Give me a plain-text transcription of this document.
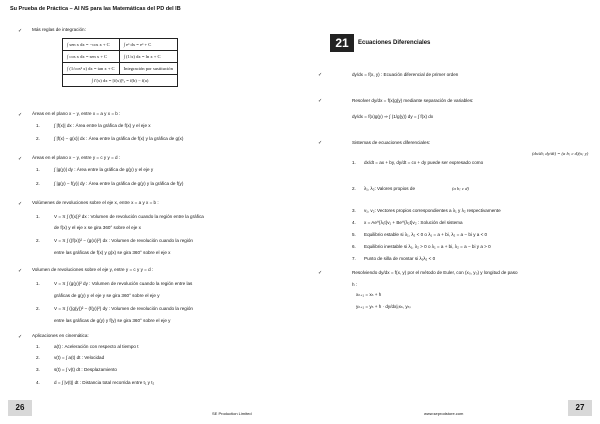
Su Prueba de Práctica – AI NS para las Matemáticas del PD del IB
✓ Más reglas de integración:
∫ sen x dx = −cos x + C	∫ eˣ dx = eˣ + C
∫ cos x dx = sen x + C	∫ (1/x) dx = ln x + C
∫ (1/cos² x) dx = tan x + C	Integración por sustitución
∫ f′(x) dx = [f(x)]ᵇₐ = f(b) − f(a)	
✓ Áreas en el plano x − y, entre x = a y x = b :
1.	∫ |f(x)| dx : Área entre la gráfica de f(x) y el eje x
2.	∫ |f(x) − g(x)| dx : Área entre la gráfica de f(x) y la gráfica de g(x)
✓ Áreas en el plano x − y, entre y = c y y = d :
1.	∫ |g(y)| dy : Área entre la gráfica de g(y) y el eje y
2.	∫ |g(y) − f(y)| dy : Área entre la gráfica de g(y) y la gráfica de f(y)
✓ Volúmenes de revoluciones sobre el eje x, entre x = a y x = b :
1.	V = π ∫ (f(x))² dx : Volumen de revolución cuando la región entre la gráfica
de f(x) y el eje x se gira 360° sobre el eje x
2.	V = π ∫ ((f(x))² − (g(x))²) dx : Volumen de revolución cuando la región
entre las gráficas de f(x) y g(x) se gira 360° sobre el eje x
✓ Volumen de revoluciones sobre el eje y, entre y = c y y = d :
1.	V = π ∫ (g(y))² dy : Volumen de revolución cuando la región entre las
gráficas de g(y) y el eje y se gira 360° sobre el eje y
2.	V = π ∫ ((g(y))² − (f(y))²) dy : Volumen de revolución cuando la región
entre las gráficas de g(y) y f(y) se gira 360° sobre el eje y
✓ Aplicaciones en cinemática:
1.	a(t) : Aceleración con respecto al tiempo t
2.	v(t) = ∫ a(t) dt : Velocidad
3.	s(t) = ∫ v(t) dt : Desplazamiento
4.	d = ∫ |v(t)| dt : Distancia total recorrida entre t₁ y t₂
26
SE Production Limited
21	Ecuaciones Diferenciales
✓	dy/dx = f(x, y) : Ecuación diferencial de primer orden
✓	Resolver dy/dx = f(x)g(y) mediante separación de variables:
dy/dx = f(x)g(y) ⇒ ∫ (1/g(y)) dy = ∫ f(x) dx
✓	Sistemas de ecuaciones diferenciales:
1. dx/dt = ax + by, dy/dt = cx + dy puede ser expresado como
(dx/dt; dy/dt) = (a b; c d)(x; y)
2. λ₁, λ₂: Valores propios de	(a b; c d)
3. v₁, v₂: Vectores propios correspondientes a λ₁ y λ₂ respectivamente
4. x = Ae^{λ₁t}v₁ + Be^{λ₂t}v₂ : Solución del sistema
5. Equilibrio estable si λ₁, λ₂ < 0 o λ₁ = a + bi, λ₂ = a − bi y a < 0
6. Equilibrio inestable si λ₁, λ₂ > 0 o λ₁ = a + bi, λ₂ = a − bi y a > 0
7. Punto de silla de montar si λ₁λ₂ < 0
✓	Resolviendo dy/dx = f(x, y) por el método de Euler, con (x₀, y₀) y longitud de paso
h :
xₙ₊₁ = xₙ + h
yₙ₊₁ = yₙ + h · dy/dx|₍xₙ, yₙ₎
27
www.seprodstore.com
